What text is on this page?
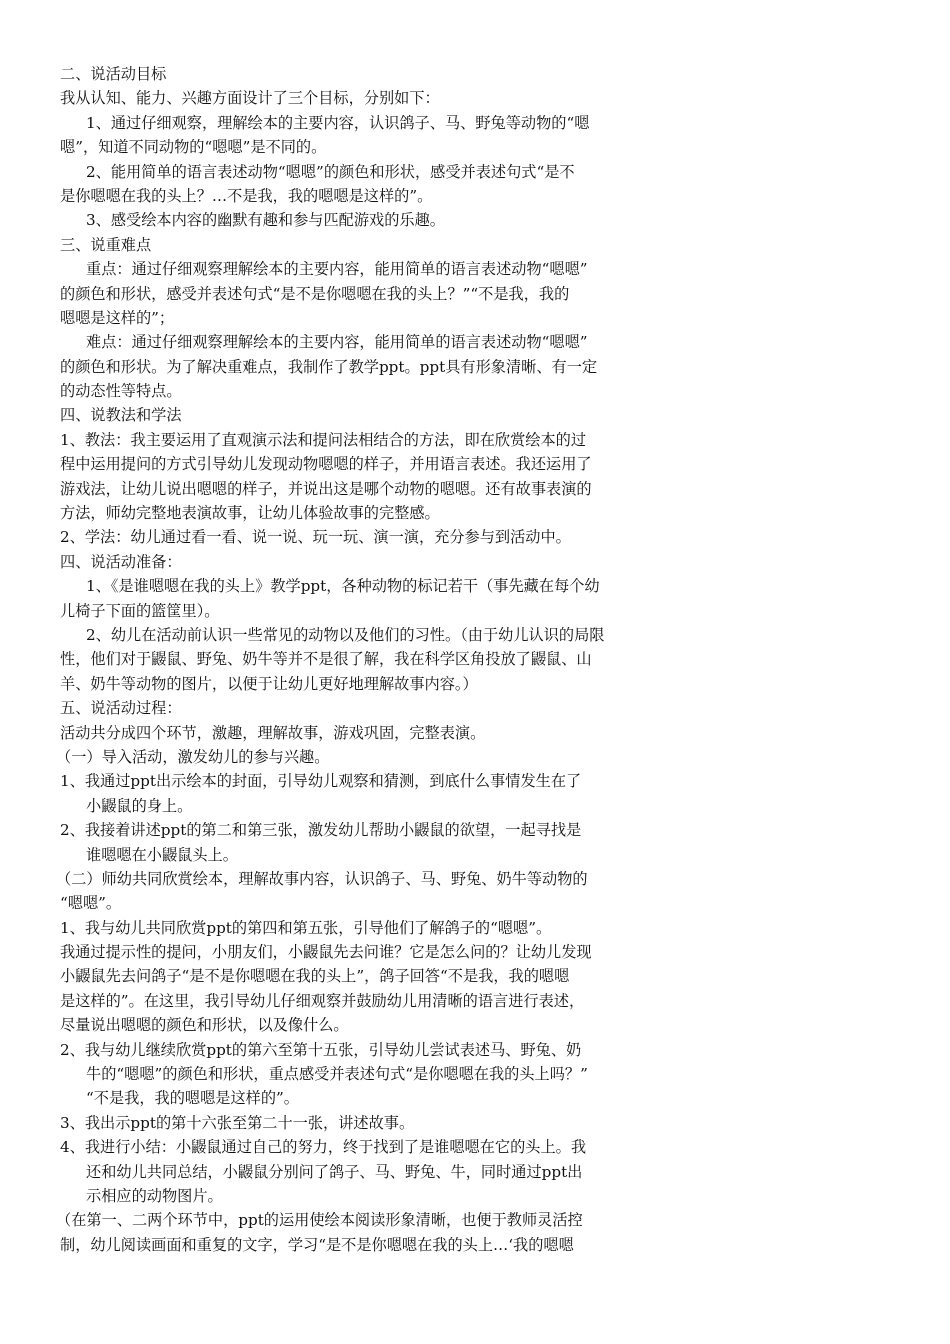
二、说活动目标

我从认知、能力、兴趣方面设计了三个目标，分别如下：

1、通过仔细观察，理解绘本的主要内容，认识鸽子、马、野兔等动物的“嗯

嗯”，知道不同动物的“嗯嗯”是不同的。

2、能用简单的语言表述动物“嗯嗯”的颜色和形状，感受并表述句式“是不

是你嗯嗯在我的头上？…不是我，我的嗯嗯是这样的”。

3、感受绘本内容的幽默有趣和参与匹配游戏的乐趣。

三、说重难点

重点：通过仔细观察理解绘本的主要内容，能用简单的语言表述动物“嗯嗯”

的颜色和形状，感受并表述句式“是不是你嗯嗯在我的头上？”“不是我，我的

嗯嗯是这样的”；

难点：通过仔细观察理解绘本的主要内容，能用简单的语言表述动物“嗯嗯”

的颜色和形状。为了解决重难点，我制作了教学ppt。ppt具有形象清晰、有一定

的动态性等特点。

四、说教法和学法

1、教法：我主要运用了直观演示法和提问法相结合的方法，即在欣赏绘本的过

程中运用提问的方式引导幼儿发现动物嗯嗯的样子，并用语言表述。我还运用了

游戏法，让幼儿说出嗯嗯的样子，并说出这是哪个动物的嗯嗯。还有故事表演的

方法，师幼完整地表演故事，让幼儿体验故事的完整感。

2、学法：幼儿通过看一看、说一说、玩一玩、演一演，充分参与到活动中。

四、说活动准备：

1、《是谁嗯嗯在我的头上》教学ppt，各种动物的标记若干（事先藏在每个幼

儿椅子下面的篮筐里）。

2、幼儿在活动前认识一些常见的动物以及他们的习性。（由于幼儿认识的局限

性，他们对于鼹鼠、野兔、奶牛等并不是很了解，我在科学区角投放了鼹鼠、山

羊、奶牛等动物的图片，以便于让幼儿更好地理解故事内容。）

五、说活动过程：

活动共分成四个环节，激趣，理解故事，游戏巩固，完整表演。

（一）导入活动，激发幼儿的参与兴趣。

1、我通过ppt出示绘本的封面，引导幼儿观察和猜测，到底什么事情发生在了

小鼹鼠的身上。

2、我接着讲述ppt的第二和第三张，激发幼儿帮助小鼹鼠的欲望，一起寻找是

谁嗯嗯在小鼹鼠头上。

（二）师幼共同欣赏绘本，理解故事内容，认识鸽子、马、野兔、奶牛等动物的

“嗯嗯”。

1、我与幼儿共同欣赏ppt的第四和第五张，引导他们了解鸽子的“嗯嗯”。

我通过提示性的提问，小朋友们，小鼹鼠先去问谁？它是怎么问的？让幼儿发现

小鼹鼠先去问鸽子“是不是你嗯嗯在我的头上”，鸽子回答“不是我，我的嗯嗯

是这样的”。在这里，我引导幼儿仔细观察并鼓励幼儿用清晰的语言进行表述，

尽量说出嗯嗯的颜色和形状，以及像什么。

2、我与幼儿继续欣赏ppt的第六至第十五张，引导幼儿尝试表述马、野兔、奶

牛的“嗯嗯”的颜色和形状，重点感受并表述句式“是你嗯嗯在我的头上吗？”

“不是我，我的嗯嗯是这样的”。

3、我出示ppt的第十六张至第二十一张，讲述故事。

4、我进行小结：小鼹鼠通过自己的努力，终于找到了是谁嗯嗯在它的头上。我

还和幼儿共同总结，小鼹鼠分别问了鸽子、马、野兔、牛，同时通过ppt出

示相应的动物图片。

（在第一、二两个环节中，ppt的运用使绘本阅读形象清晰，也便于教师灵活控

制，幼儿阅读画面和重复的文字，学习“是不是你嗯嗯在我的头上…‘我的嗯嗯
